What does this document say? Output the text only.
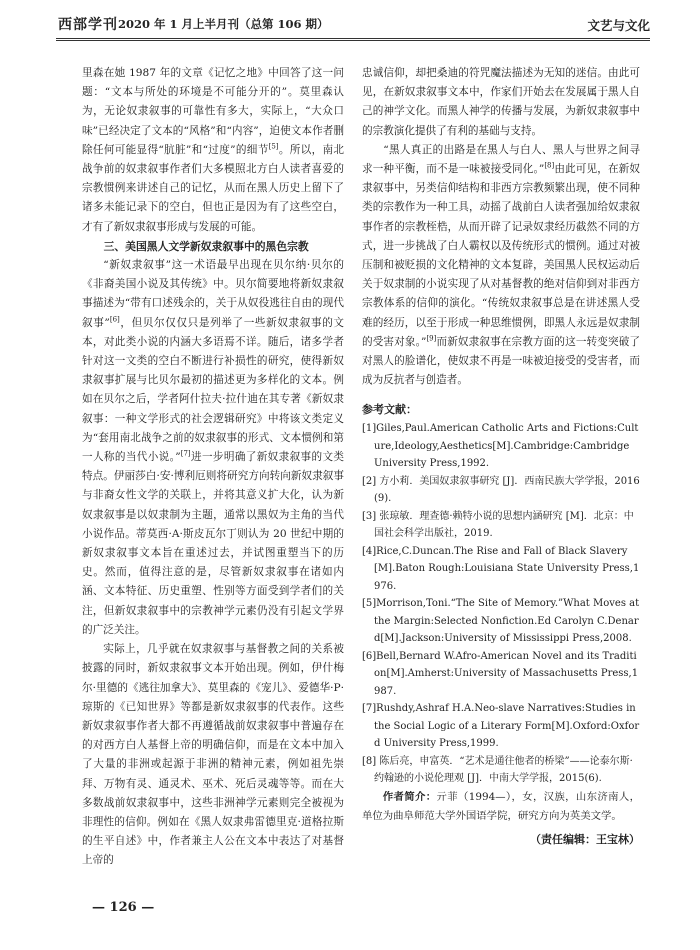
西部学刊 2020 年 1 月上半月刊（总第 106 期）	文艺与文化

里森在她 1987 年的文章《记忆之地》中回答了这一问题：“文本与所处的环境是不可能分开的”。莫里森认为，无论奴隶叙事的可靠性有多大，实际上，“大众口味”已经决定了文本的“风格”和“内容”，迫使文本作者删除任何可能显得“肮脏”和“过度”的细节[5]。所以，南北战争前的奴隶叙事作者们大多模照北方白人读者喜爱的宗教惯例来讲述自己的记忆，从而在黑人历史上留下了诸多未能记录下的空白，但也正是因为有了这些空白，才有了新奴隶叙事形成与发展的可能。

三、美国黑人文学新奴隶叙事中的黑色宗教

“新奴隶叙事”这一术语最早出现在贝尔纳·贝尔的《非裔美国小说及其传统》中。贝尔简要地将新奴隶叙事描述为“带有口述残余的，关于从奴役逃往自由的现代叙事”[6]，但贝尔仅仅只是列举了一些新奴隶叙事的文本，对此类小说的内涵大多语焉不详。随后，诸多学者针对这一文类的空白不断进行补损性的研究，使得新奴隶叙事扩展与比贝尔最初的描述更为多样化的文本。例如在贝尔之后，学者阿什拉夫·拉什迪在其专著《新奴隶叙事：一种文学形式的社会逻辑研究》中将该文类定义为“套用南北战争之前的奴隶叙事的形式、文本惯例和第一人称的当代小说。”[7]进一步明确了新奴隶叙事的文类特点。伊丽莎白·安·博利厄则将研究方向转向新奴隶叙事与非裔女性文学的关联上，并将其意义扩大化，认为新奴隶叙事是以奴隶制为主题，通常以黑奴为主角的当代小说作品。蒂莫西·A·斯皮瓦尔丁则认为 20 世纪中期的新奴隶叙事文本旨在重述过去，并试图重塑当下的历史。然而，值得注意的是，尽管新奴隶叙事在诸如内涵、文本特征、历史重塑、性别等方面受到学者们的关注，但新奴隶叙事中的宗教神学元素仍没有引起文学界的广泛关注。

实际上，几乎就在奴隶叙事与基督教之间的关系被披露的同时，新奴隶叙事文本开始出现。例如，伊什梅尔·里德的《逃往加拿大》、莫里森的《宠儿》、爱德华·P·琼斯的《已知世界》等都是新奴隶叙事的代表作。这些新奴隶叙事作者大都不再遵循战前奴隶叙事中普遍存在的对西方白人基督上帝的明确信仰，而是在文本中加入了大量的非洲或起源于非洲的精神元素，例如祖先崇拜、万物有灵、通灵术、巫术、死后灵魂等等。而在大多数战前奴隶叙事中，这些非洲神学元素则完全被视为非理性的信仰。例如在《黑人奴隶弗雷德里克·道格拉斯的生平自述》中，作者兼主人公在文本中表达了对基督上帝的

忠诚信仰，却把桑迪的符咒魔法描述为无知的迷信。由此可见，在新奴隶叙事文本中，作家们开始去在发展属于黑人自己的神学文化。而黑人神学的传播与发展，为新奴隶叙事中的宗教演化提供了有利的基础与支持。

“黑人真正的出路是在黑人与白人、黑人与世界之间寻求一种平衡，而不是一味被接受同化。”[8]由此可见，在新奴隶叙事中，另类信仰结构和非西方宗教频繁出现，使不同种类的宗教作为一种工具，动摇了战前白人读者强加给奴隶叙事作者的宗教桎梏，从而开辟了记录奴隶经历截然不同的方式，进一步挑战了白人霸权以及传统形式的惯例。通过对被压制和被贬损的文化精神的文本复辟，美国黑人民权运动后关于奴隶制的小说实现了从对基督教的绝对信仰到对非西方宗教体系的信仰的演化。“传统奴隶叙事总是在讲述黑人受难的经历，以至于形成一种思维惯例，即黑人永远是奴隶制的受害对象。”[9]而新奴隶叙事在宗教方面的这一转变突破了对黑人的脸谱化，使奴隶不再是一味被迫接受的受害者，而成为反抗者与创造者。

参考文献：
[1]Giles,Paul.American Catholic Arts and Fictions:Culture,Ideology,Aesthetics[M].Cambridge:Cambridge University Press,1992.
[2] 方小莉．美国奴隶叙事研究 [J]．西南民族大学学报，2016(9).
[3] 张琼敏．理查德·赖特小说的思想内涵研究 [M]．北京：中国社会科学出版社，2019.
[4]Rice,C.Duncan.The Rise and Fall of Black Slavery[M].Baton Rough:Louisiana State University Press,1976.
[5]Morrison,Toni.“The Site of Memory.”What Moves at the Margin:Selected Nonfiction.Ed Carolyn C.Denard[M].Jackson:University of Mississippi Press,2008.
[6]Bell,Bernard W.Afro-American Novel and its Tradition[M].Amherst:University of Massachusetts Press,1987.
[7]Rushdy,Ashraf H.A.Neo-slave Narratives:Studies in the Social Logic of a Literary Form[M].Oxford:Oxford University Press,1999.
[8] 陈后亮，申富英．“艺术是通往他者的桥梁”——论泰尔斯·约翰逊的小说伦理观 [J]．中南大学学报，2015(6).

作者简介：亓菲（1994—），女，汉族，山东济南人，单位为曲阜师范大学外国语学院，研究方向为英美文学。

（责任编辑：王宝林）
— 126 —
